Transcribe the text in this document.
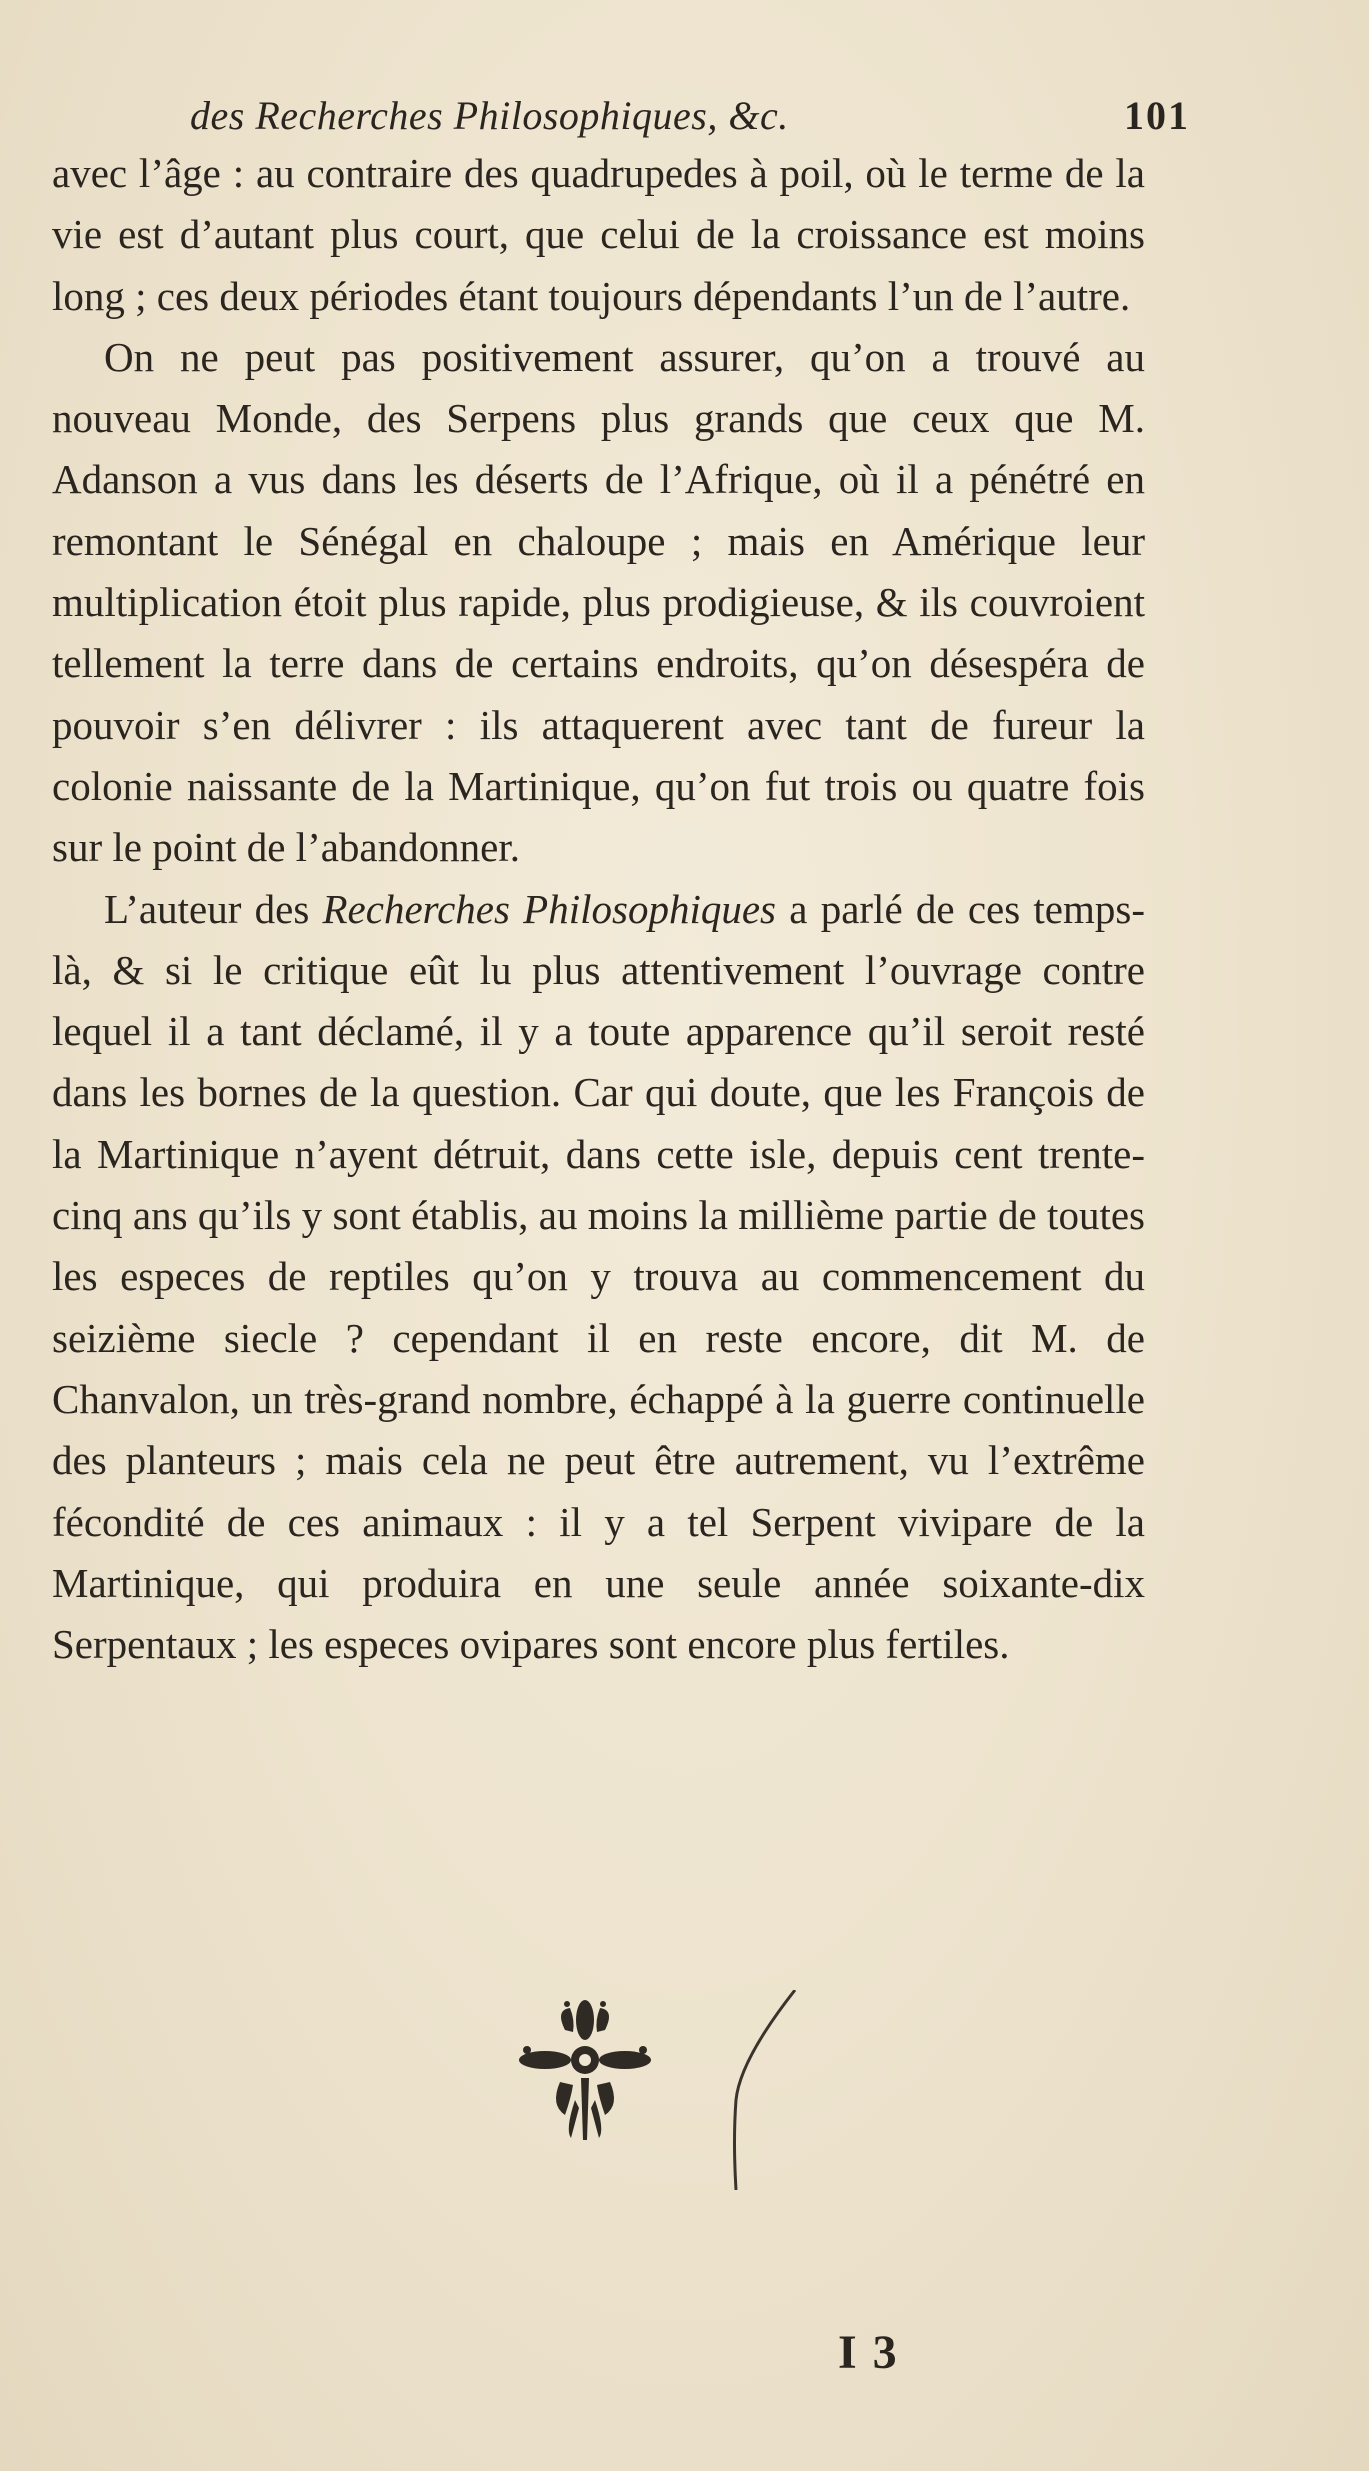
des Recherches Philosophiques, &c.	101

avec l’âge : au contraire des quadrupedes à poil, où le terme de la vie est d’autant plus court, que celui de la croissance est moins long ; ces deux périodes étant toujours dépendants l’un de l’autre.

On ne peut pas positivement assurer, qu’on a trouvé au nouveau Monde, des Serpens plus grands que ceux que M. Adanson a vus dans les déserts de l’Afrique, où il a pénétré en remontant le Sénégal en chaloupe ; mais en Amérique leur multiplication étoit plus rapide, plus prodigieuse, & ils couvroient tellement la terre dans de certains endroits, qu’on désespéra de pouvoir s’en délivrer : ils attaquerent avec tant de fureur la colonie naissante de la Martinique, qu’on fut trois ou quatre fois sur le point de l’abandonner.

L’auteur des Recherches Philosophiques a parlé de ces temps-là, & si le critique eût lu plus attentivement l’ouvrage contre lequel il a tant déclamé, il y a toute apparence qu’il seroit resté dans les bornes de la question. Car qui doute, que les François de la Martinique n’ayent détruit, dans cette isle, depuis cent trente-cinq ans qu’ils y sont établis, au moins la millième partie de toutes les especes de reptiles qu’on y trouva au commencement du seizième siecle ? cependant il en reste encore, dit M. de Chanvalon, un très-grand nombre, échappé à la guerre continuelle des planteurs ; mais cela ne peut être autrement, vu l’extrême fécondité de ces animaux : il y a tel Serpent vivipare de la Martinique, qui produira en une seule année soixante-dix Serpentaux ; les especes ovipares sont encore plus fertiles.

I 3
